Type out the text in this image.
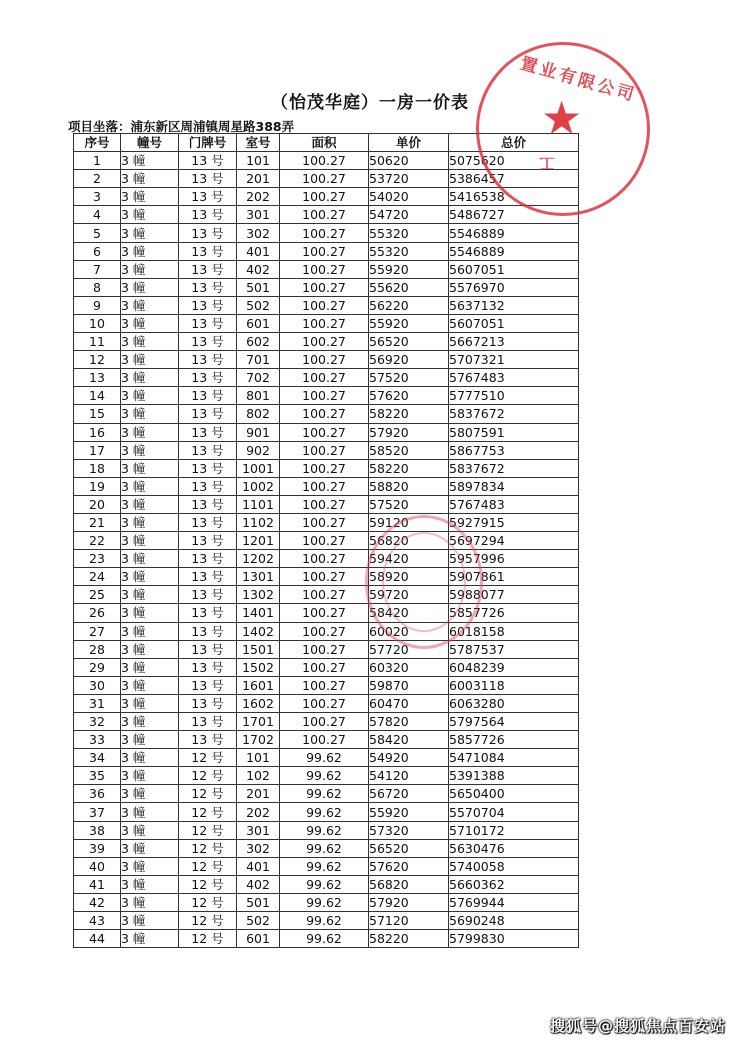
（怡茂华庭）一房一价表
项目坐落：浦东新区周浦镇周星路388弄
序号	幢号	门牌号	室号	面积	单价	总价
1	3 幢	13 号	101	100.27	50620	5075620
2	3 幢	13 号	201	100.27	53720	5386457
3	3 幢	13 号	202	100.27	54020	5416538
4	3 幢	13 号	301	100.27	54720	5486727
5	3 幢	13 号	302	100.27	55320	5546889
6	3 幢	13 号	401	100.27	55320	5546889
7	3 幢	13 号	402	100.27	55920	5607051
8	3 幢	13 号	501	100.27	55620	5576970
9	3 幢	13 号	502	100.27	56220	5637132
10	3 幢	13 号	601	100.27	55920	5607051
11	3 幢	13 号	602	100.27	56520	5667213
12	3 幢	13 号	701	100.27	56920	5707321
13	3 幢	13 号	702	100.27	57520	5767483
14	3 幢	13 号	801	100.27	57620	5777510
15	3 幢	13 号	802	100.27	58220	5837672
16	3 幢	13 号	901	100.27	57920	5807591
17	3 幢	13 号	902	100.27	58520	5867753
18	3 幢	13 号	1001	100.27	58220	5837672
19	3 幢	13 号	1002	100.27	58820	5897834
20	3 幢	13 号	1101	100.27	57520	5767483
21	3 幢	13 号	1102	100.27	59120	5927915
22	3 幢	13 号	1201	100.27	56820	5697294
23	3 幢	13 号	1202	100.27	59420	5957996
24	3 幢	13 号	1301	100.27	58920	5907861
25	3 幢	13 号	1302	100.27	59720	5988077
26	3 幢	13 号	1401	100.27	58420	5857726
27	3 幢	13 号	1402	100.27	60020	6018158
28	3 幢	13 号	1501	100.27	57720	5787537
29	3 幢	13 号	1502	100.27	60320	6048239
30	3 幢	13 号	1601	100.27	59870	6003118
31	3 幢	13 号	1602	100.27	60470	6063280
32	3 幢	13 号	1701	100.27	57820	5797564
33	3 幢	13 号	1702	100.27	58420	5857726
34	3 幢	12 号	101	99.62	54920	5471084
35	3 幢	12 号	102	99.62	54120	5391388
36	3 幢	12 号	201	99.62	56720	5650400
37	3 幢	12 号	202	99.62	55920	5570704
38	3 幢	12 号	301	99.62	57320	5710172
39	3 幢	12 号	302	99.62	56520	5630476
40	3 幢	12 号	401	99.62	57620	5740058
41	3 幢	12 号	402	99.62	56820	5660362
42	3 幢	12 号	501	99.62	57920	5769944
43	3 幢	12 号	502	99.62	57120	5690248
44	3 幢	12 号	601	99.62	58220	5799830
置业有限公司
★
工
搜狐号@搜狐焦点百安站
